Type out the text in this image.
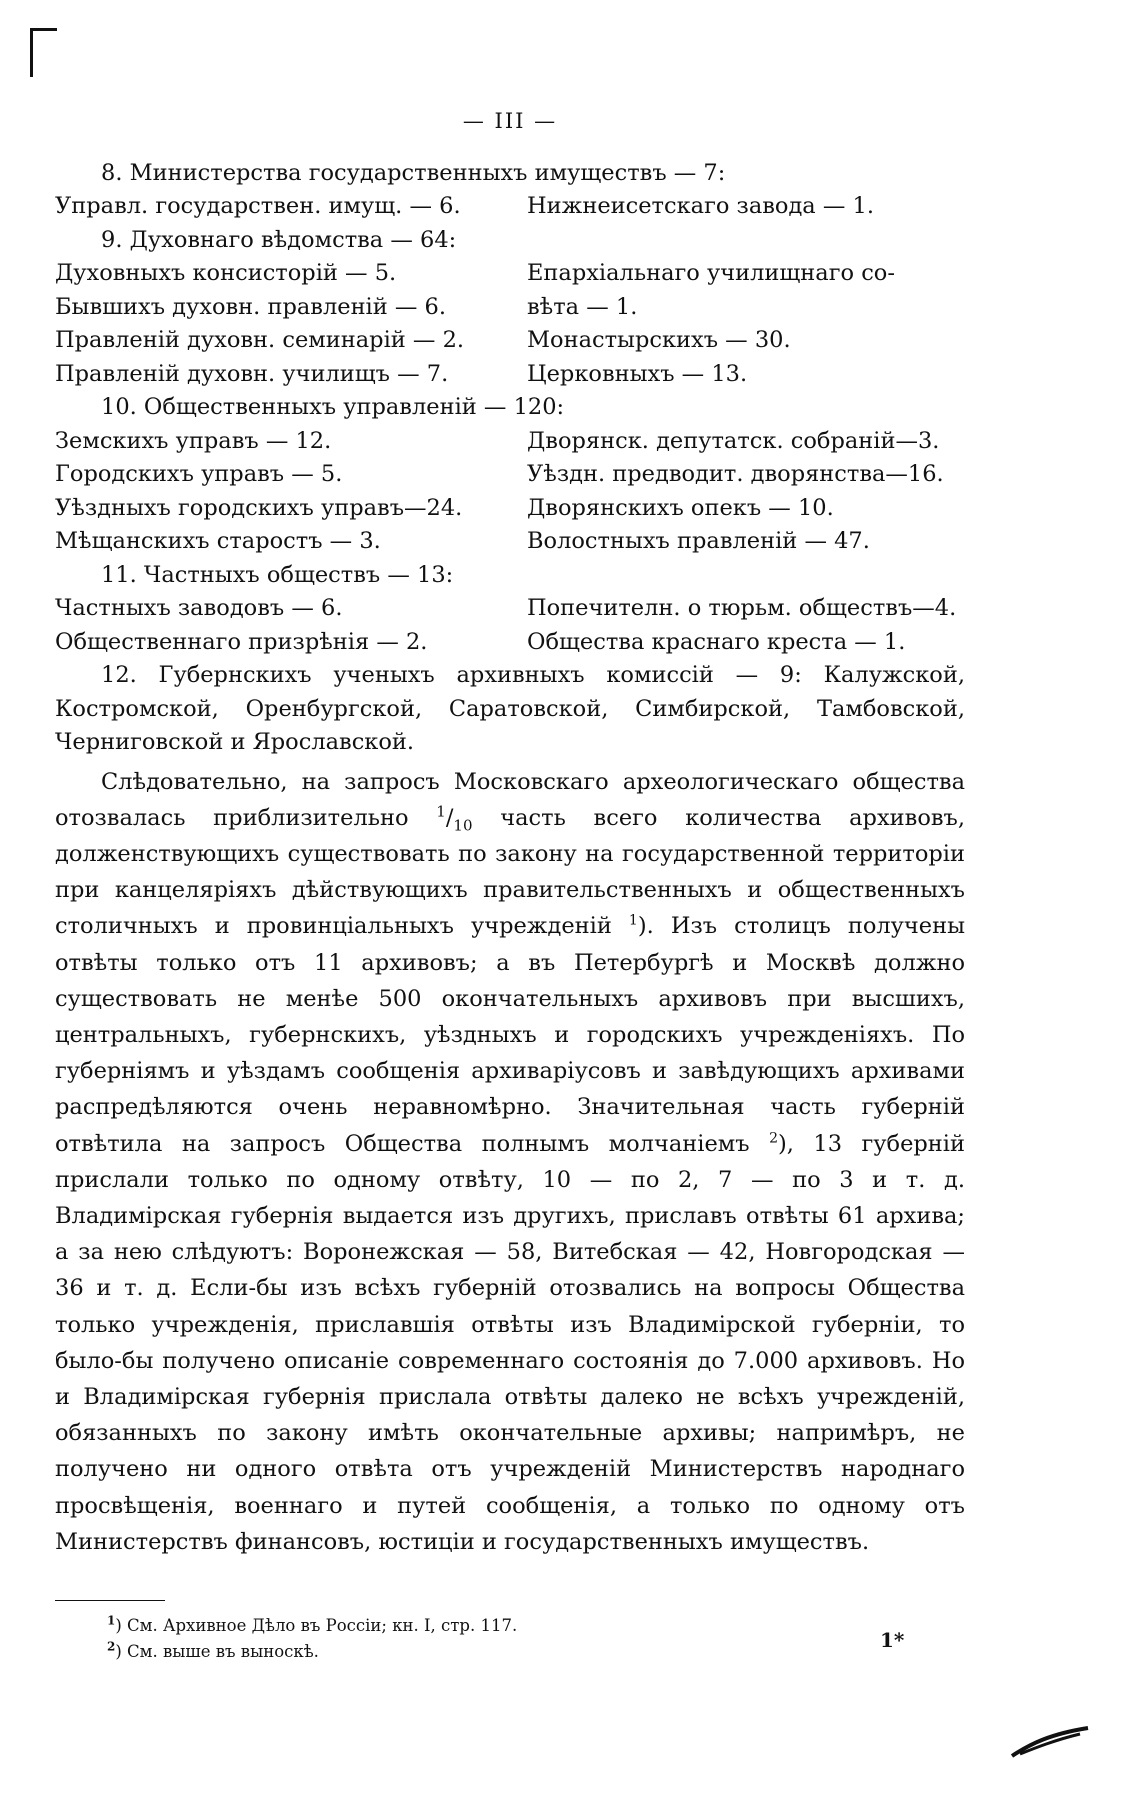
— III —
8. Министерства государственныхъ имуществъ — 7:
Управл. государствен. имущ. — 6.	Нижнеисетскаго завода — 1.
9. Духовнаго вѣдомства — 64:
Духовныхъ консисторій — 5.
Бывшихъ духовн. правленій — 6.
Правленій духовн. семинарій — 2.
Правленій духовн. училищъ — 7.
Епархіальнаго училищнаго со-
вѣта — 1.
Монастырскихъ — 30.
Церковныхъ — 13.
10. Общественныхъ управленій — 120:
Земскихъ управъ — 12.
Городскихъ управъ — 5.
Уѣздныхъ городскихъ управъ—24.
Мѣщанскихъ старостъ — 3.
Дворянск. депутатск. собраній—3.
Уѣздн. предводит. дворянства—16.
Дворянскихъ опекъ — 10.
Волостныхъ правленій — 47.
11. Частныхъ обществъ — 13:
Частныхъ заводовъ — 6.
Общественнаго призрѣнія — 2.
Попечителн. о тюрьм. обществъ—4.
Общества краснаго креста — 1.
12. Губернскихъ ученыхъ архивныхъ комиссій — 9: Калужской, Костромской, Оренбургской, Саратовской, Симбирской, Тамбовской, Черниговской и Ярославской.
Слѣдовательно, на запросъ Московскаго археологическаго общества отозвалась приблизительно $^1/_{10}$ часть всего количества архивовъ, долженствующихъ существовать по закону на государственной территоріи при канцеляріяхъ дѣйствующихъ правительственныхъ и общественныхъ столичныхъ и провинціальныхъ учрежденій $^1$). Изъ столицъ получены отвѣты только отъ 11 архивовъ; а въ Петербургѣ и Москвѣ должно существовать не менѣе 500 окончательныхъ архивовъ при высшихъ, центральныхъ, губернскихъ, уѣздныхъ и городскихъ учрежденіяхъ. По губерніямъ и уѣздамъ сообщенія архиваріусовъ и завѣдующихъ архивами распредѣляются очень неравномѣрно. Значительная часть губерній отвѣтила на запросъ Общества полнымъ молчаніемъ $^2$), 13 губерній прислали только по одному отвѣту, 10 — по 2, 7 — по 3 и т. д. Владимірская губернія выдается изъ другихъ, приславъ отвѣты 61 архива; а за нею слѣдуютъ: Воронежская — 58, Витебская — 42, Новгородская — 36 и т. д. Если-бы изъ всѣхъ губерній отозвались на вопросы Общества только учрежденія, приславшія отвѣты изъ Владимірской губерніи, то было-бы получено описаніе современнаго состоянія до 7.000 архивовъ. Но и Владимірская губернія прислала отвѣты далеко не всѣхъ учрежденій, обязанныхъ по закону имѣть окончательные архивы; напримѣръ, не получено ни одного отвѣта отъ учрежденій Министерствъ народнаго просвѣщенія, военнаго и путей сообщенія, а только по одному отъ Министерствъ финансовъ, юстиціи и государственныхъ имуществъ.
$^1$) См. Архивное Дѣло въ Россіи; кн. I, стр. 117.
$^2$) См. выше въ выноскѣ.	1*
